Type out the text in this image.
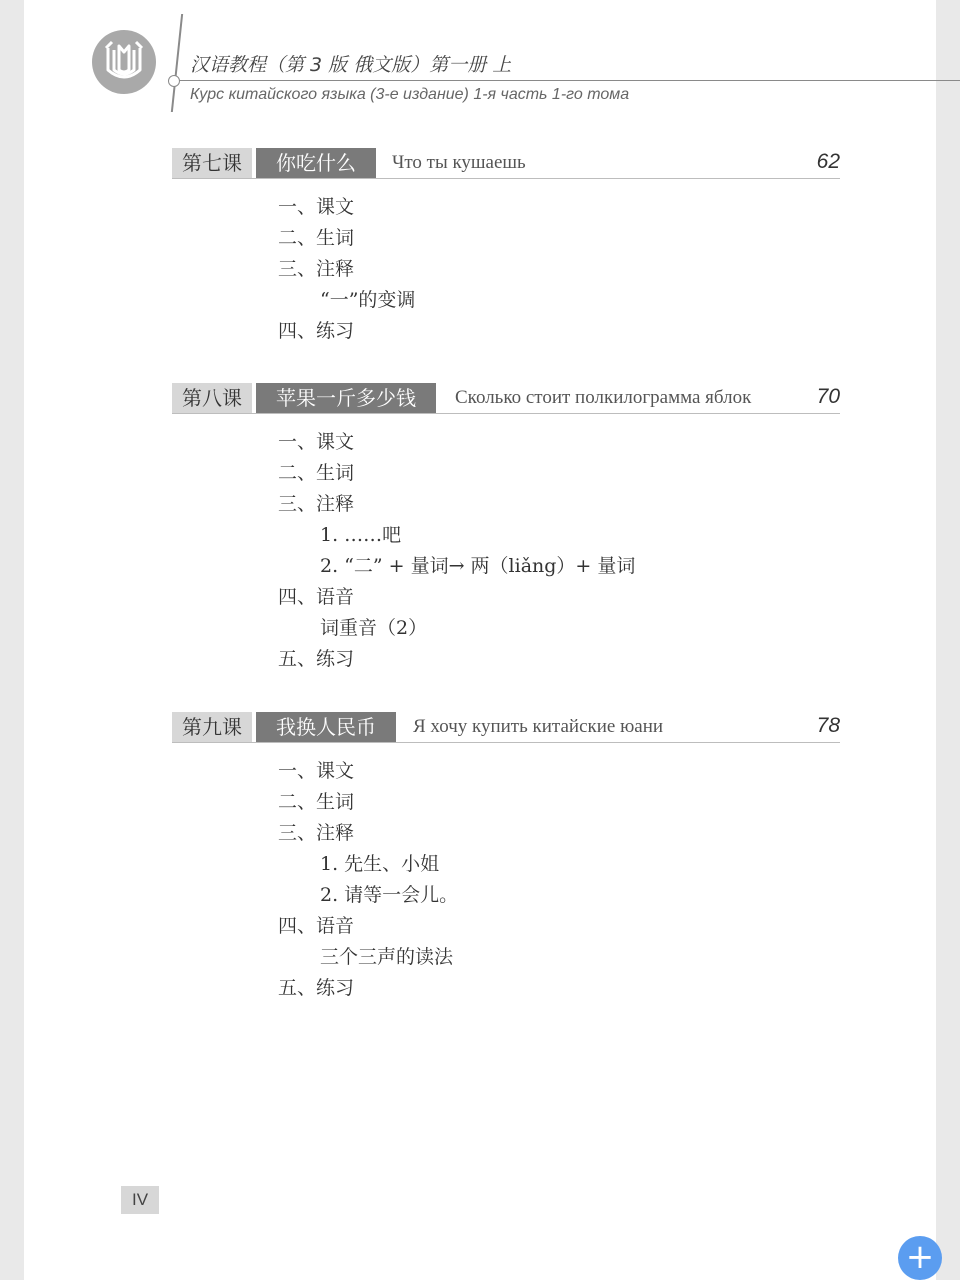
汉语教程（第 3 版 俄文版）第一册 上
Курс китайского языка (3-е издание) 1-я часть 1-го тома
第七课	你吃什么	Что ты кушаешь	62
一、课文
二、生词
三、注释
“一”的变调
四、练习
第八课	苹果一斤多少钱	Сколько стоит полкилограмма яблок	70
一、课文
二、生词
三、注释
1. ……吧
2. “二” + 量词→ 两（liǎng）+ 量词
四、语音
词重音（2）
五、练习
第九课	我换人民币	Я хочу купить китайские юани	78
一、课文
二、生词
三、注释
1. 先生、小姐
2. 请等一会儿。
四、语音
三个三声的读法
五、练习
IV
+
